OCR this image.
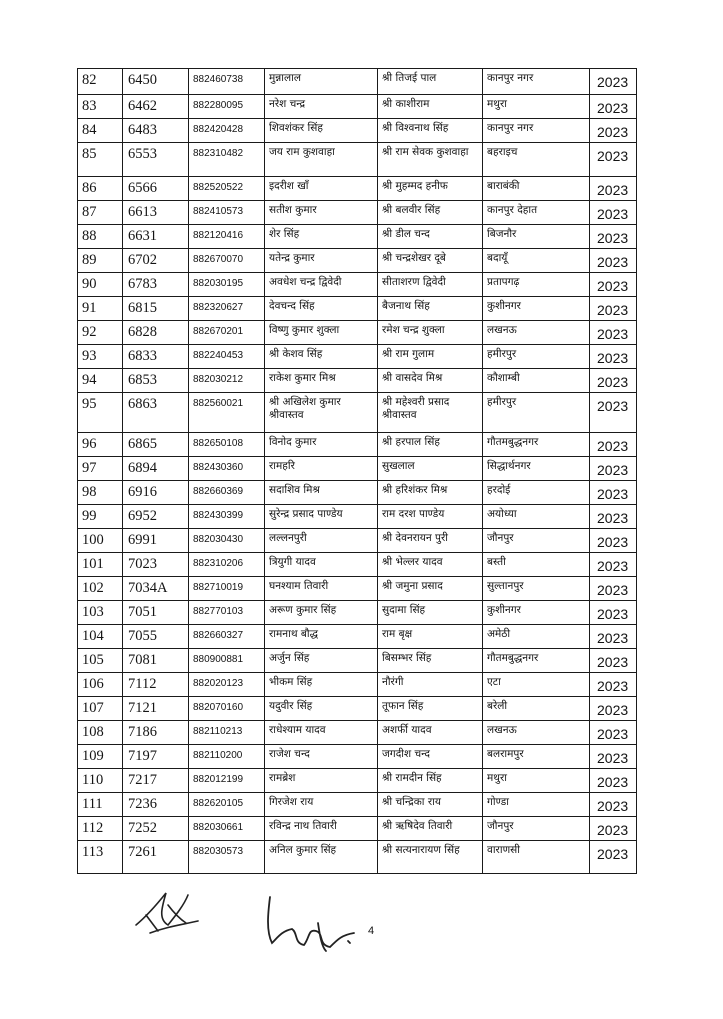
82	6450	882460738	मुन्नालाल	श्री तिजई पाल	कानपुर नगर	2023
83	6462	882280095	नरेश चन्द्र	श्री काशीराम	मथुरा	2023
84	6483	882420428	शिवशंकर सिंह	श्री विश्वनाथ सिंह	कानपुर नगर	2023
85	6553	882310482	जय राम कुशवाहा	श्री राम सेवक कुशवाहा	बहराइच	2023
86	6566	882520522	इदरीश खाँ	श्री मुहम्मद हनीफ	बाराबंकी	2023
87	6613	882410573	सतीश कुमार	श्री बलवीर सिंह	कानपुर देहात	2023
88	6631	882120416	शेर सिंह	श्री डील चन्द	बिजनौर	2023
89	6702	882670070	यतेन्द्र कुमार	श्री चन्द्रशेखर दूबे	बदायूँ	2023
90	6783	882030195	अवधेश चन्द्र द्विवेदी	सीताशरण द्विवेदी	प्रतापगढ़	2023
91	6815	882320627	देवचन्द सिंह	बैजनाथ सिंह	कुशीनगर	2023
92	6828	882670201	विष्णु कुमार शुक्ला	रमेश चन्द्र शुक्ला	लखनऊ	2023
93	6833	882240453	श्री केशव सिंह	श्री राम गुलाम	हमीरपुर	2023
94	6853	882030212	राकेश कुमार मिश्र	श्री वासदेव मिश्र	कौशाम्बी	2023
95	6863	882560021	श्री अखिलेश कुमार श्रीवास्तव	श्री महेश्वरी प्रसाद श्रीवास्तव	हमीरपुर	2023
96	6865	882650108	विनोद कुमार	श्री हरपाल सिंह	गौतमबुद्धनगर	2023
97	6894	882430360	रामहरि	सुखलाल	सिद्धार्थनगर	2023
98	6916	882660369	सदाशिव मिश्र	श्री हरिशंकर मिश्र	हरदोई	2023
99	6952	882430399	सुरेन्द्र प्रसाद पाण्डेय	राम दरश पाण्डेय	अयोध्या	2023
100	6991	882030430	लल्लनपुरी	श्री देवनरायन पुरी	जौनपुर	2023
101	7023	882310206	त्रियुगी यादव	श्री भेल्लर यादव	बस्ती	2023
102	7034A	882710019	घनश्याम तिवारी	श्री जमुना प्रसाद	सुल्तानपुर	2023
103	7051	882770103	अरूण कुमार सिंह	सुदामा सिंह	कुशीनगर	2023
104	7055	882660327	रामनाथ बौद्ध	राम बृक्ष	अमेठी	2023
105	7081	880900881	अर्जुन सिंह	बिसम्भर सिंह	गौतमबुद्धनगर	2023
106	7112	882020123	भीकम सिंह	नौरंगी	एटा	2023
107	7121	882070160	यदुवीर सिंह	तूफान सिंह	बरेली	2023
108	7186	882110213	राधेश्याम यादव	अशर्फी यादव	लखनऊ	2023
109	7197	882110200	राजेश चन्द	जगदीश चन्द	बलरामपुर	2023
110	7217	882012199	रामब्रेश	श्री रामदीन सिंह	मथुरा	2023
111	7236	882620105	गिरजेश राय	श्री चन्द्रिका राय	गोण्डा	2023
112	7252	882030661	रविन्द्र नाथ तिवारी	श्री ऋषिदेव तिवारी	जौनपुर	2023
113	7261	882030573	अनिल कुमार सिंह	श्री सत्यनारायण सिंह	वाराणसी	2023
4
